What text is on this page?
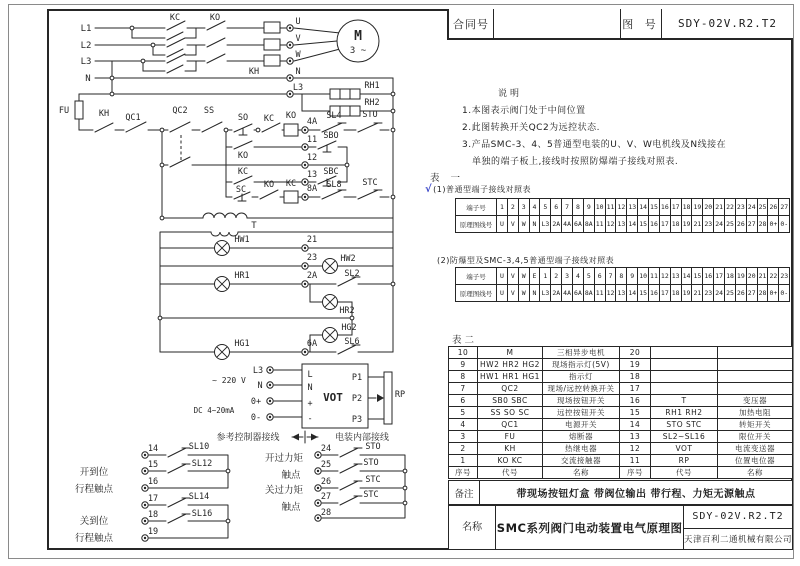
L1
L2
L3
N
KC	KO
KH
U
V
W
N
L3
M
3 ~
RH1
RH2
FU	KH QC1
QC2 SS
SO KC KO
4A
SL4 STO
11 SBO
KO	12
KC	13 SBC
SC KO KC 8A SL8 STC
T
HW1	21
23	HW2
HR1	2A	SL2
HR2
HG2
HG1	6A	SL6
L3
~ 220 V
N
0+
DC 4~20mA
0-
L
N
+
-
VOT
P1
P2
P3
RP
参考控制器接线	电装内部接线
开到位
行程触点
14	SL10
15	SL12
16
关到位
行程触点
17	SL14
18	SL16
19
开过力矩
触点
24	STO
25	STO
关过力矩
触点
26	STC
27	STC
28
合同号	图 号	SDY-02V.R2.T2
说明
1.本图表示阀门处于中间位置
2.此图转换开关QC2为远控状态.
3.产品SMC-3、4、5普通型电装的U、V、W电机线及N线接在
单独的端子板上,接线时按照防爆端子接线对照表.
表 一
√(1)普通型端子接线对照表
端子号	1	2	3	4	5	6	7	8	9 10 11 12 13 14 15 16 17 18 19 20 21 22 23 24 25 26 27
原理图线号	U	V	W	N L3 2A 4A 6A 8A 11 12 13 14 15 16 17 18 19 21 23 24 25 26 27 28 0+ 0-
(2)防爆型及SMC-3,4,5普通型端子接线对照表
端子号	U	V	W	E	1	2	3	4	5	6	7	8	9 10 11 12 13 14 15 16 17 18 19 20 21 22 23
原理图线号	U	V	W	N L3 2A 4A 6A 8A 11 12 13 14 15 16 17 18 19 21 23 24 25 26 27 28 0+ 0-
表二
10	M	三相异步电机	20
9	HW2 HR2 HG2	现场指示灯(5V)	19
8	HW1 HR1 HG1	指示灯	18
7	QC2	现场/远控转换开关	17
6	SB0 SBC	现场按钮开关	16	T	变压器
5	SS SO SC	远控按钮开关	15	RH1 RH2	加热电阻
4	QC1	电源开关	14	STO STC	转矩开关
3	FU	熔断器	13	SL2~SL16	限位开关
2	KH	热继电器	12	VOT	电流变送器
1	KO KC	交流接触器	11	RP	位置电位器
序号	代号	名称	序号	代号	名称
备注	带现场按钮灯盒 带阀位输出 带行程、力矩无源触点
名称	SMC系列阀门电动装置电气原理图
SDY-02V.R2.T2
天津百利二通机械有限公司
